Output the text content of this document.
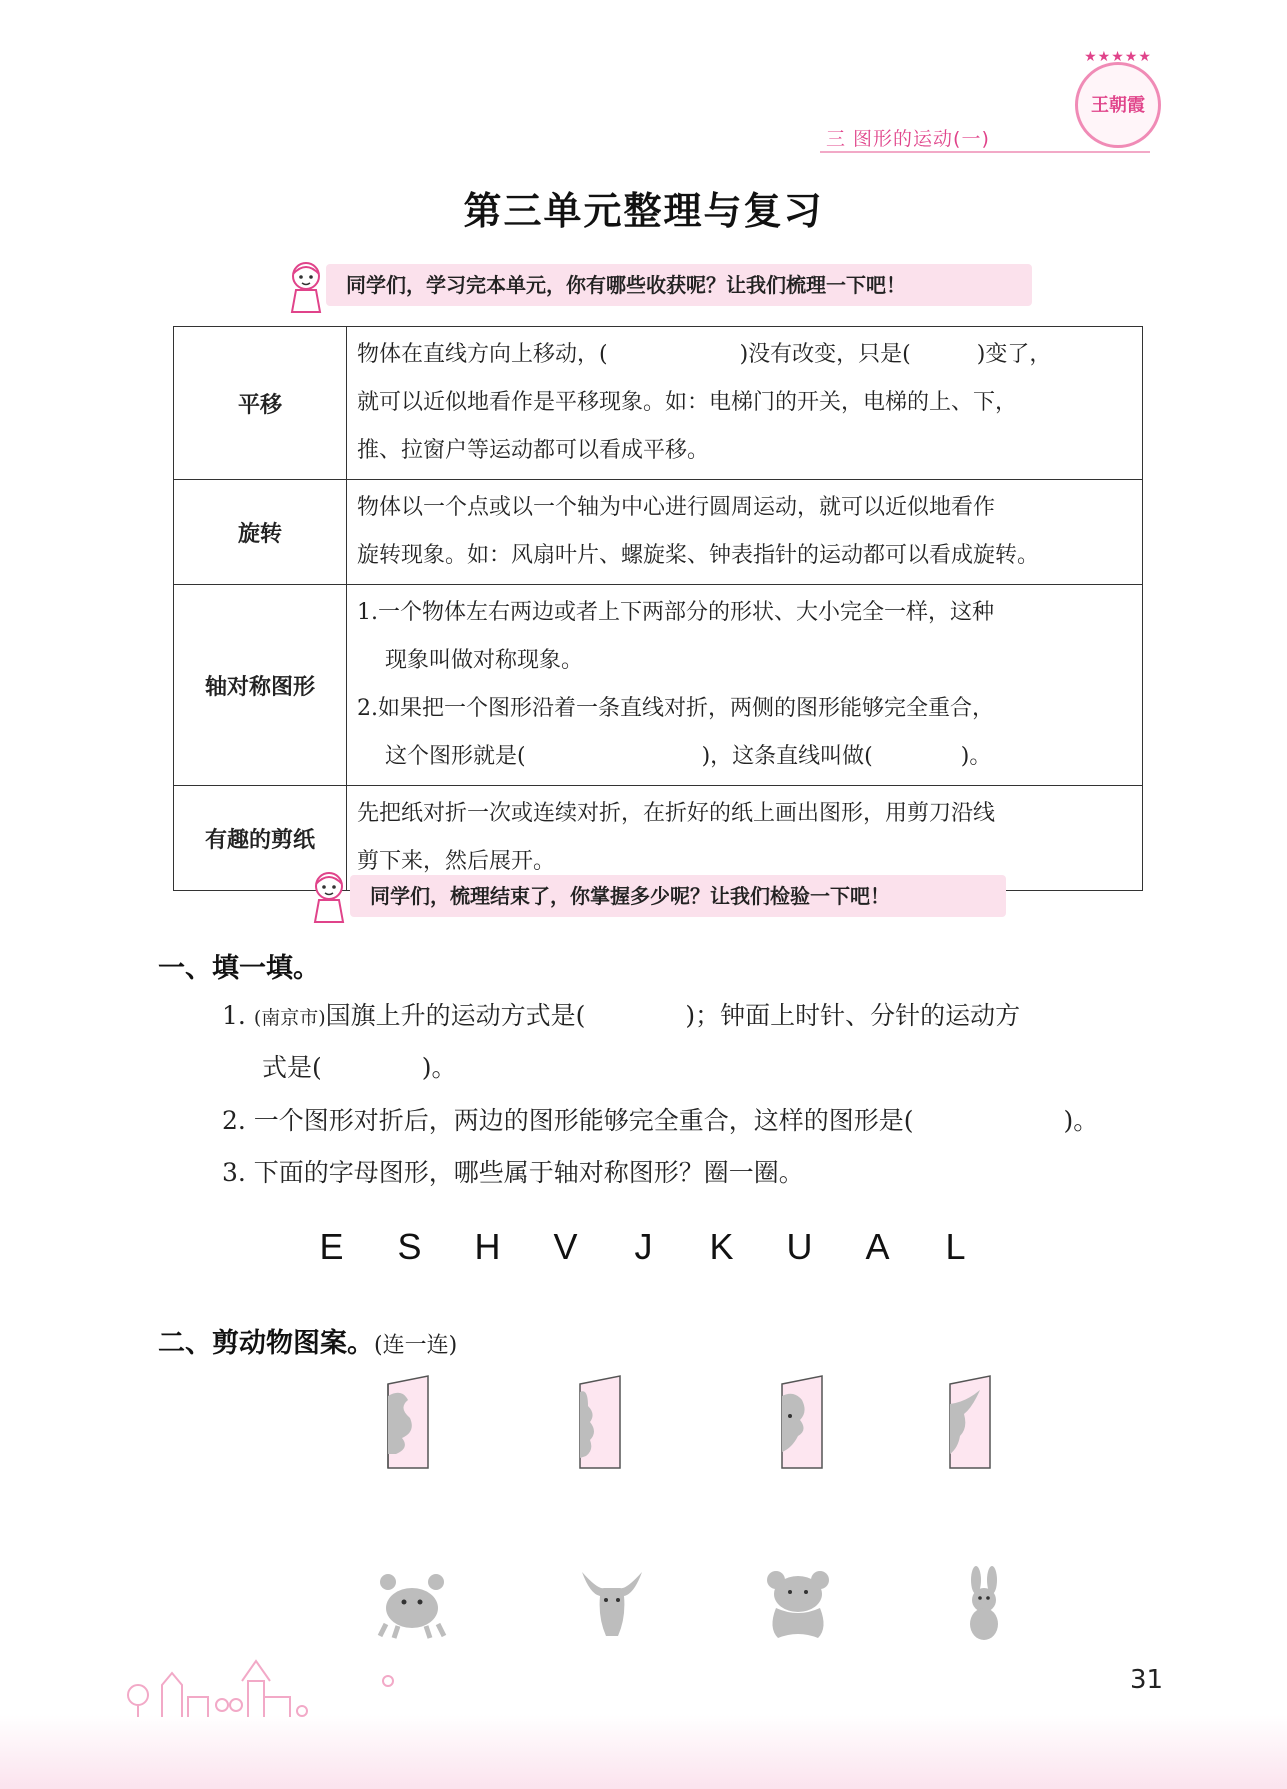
三 图形的运动(一)
★★★★★
王朝霞
第三单元整理与复习
同学们，学习完本单元，你有哪些收获呢？让我们梳理一下吧！
平移	物体在直线方向上移动，(　　　　　　)没有改变，只是(　　　)变了，
就可以近似地看作是平移现象。如：电梯门的开关，电梯的上、下，
推、拉窗户等运动都可以看成平移。

旋转	物体以一个点或以一个轴为中心进行圆周运动，就可以近似地看作
旋转现象。如：风扇叶片、螺旋桨、钟表指针的运动都可以看成旋转。

轴对称图形	1.一个物体左右两边或者上下两部分的形状、大小完全一样，这种
现象叫做对称现象。
2.如果把一个图形沿着一条直线对折，两侧的图形能够完全重合，
这个图形就是(　　　　　　　　)，这条直线叫做(　　　　)。

有趣的剪纸	先把纸对折一次或连续对折，在折好的纸上画出图形，用剪刀沿线
剪下来，然后展开。
同学们，梳理结束了，你掌握多少呢？让我们检验一下吧！
一、填一填。
1. (南京市)国旗上升的运动方式是(　　　　)；钟面上时针、分针的运动方
式是(　　　　)。
2. 一个图形对折后，两边的图形能够完全重合，这样的图形是(　　　　　　)。
3. 下面的字母图形，哪些属于轴对称图形？圈一圈。
E S H V J K U A L
二、剪动物图案。(连一连)
31
